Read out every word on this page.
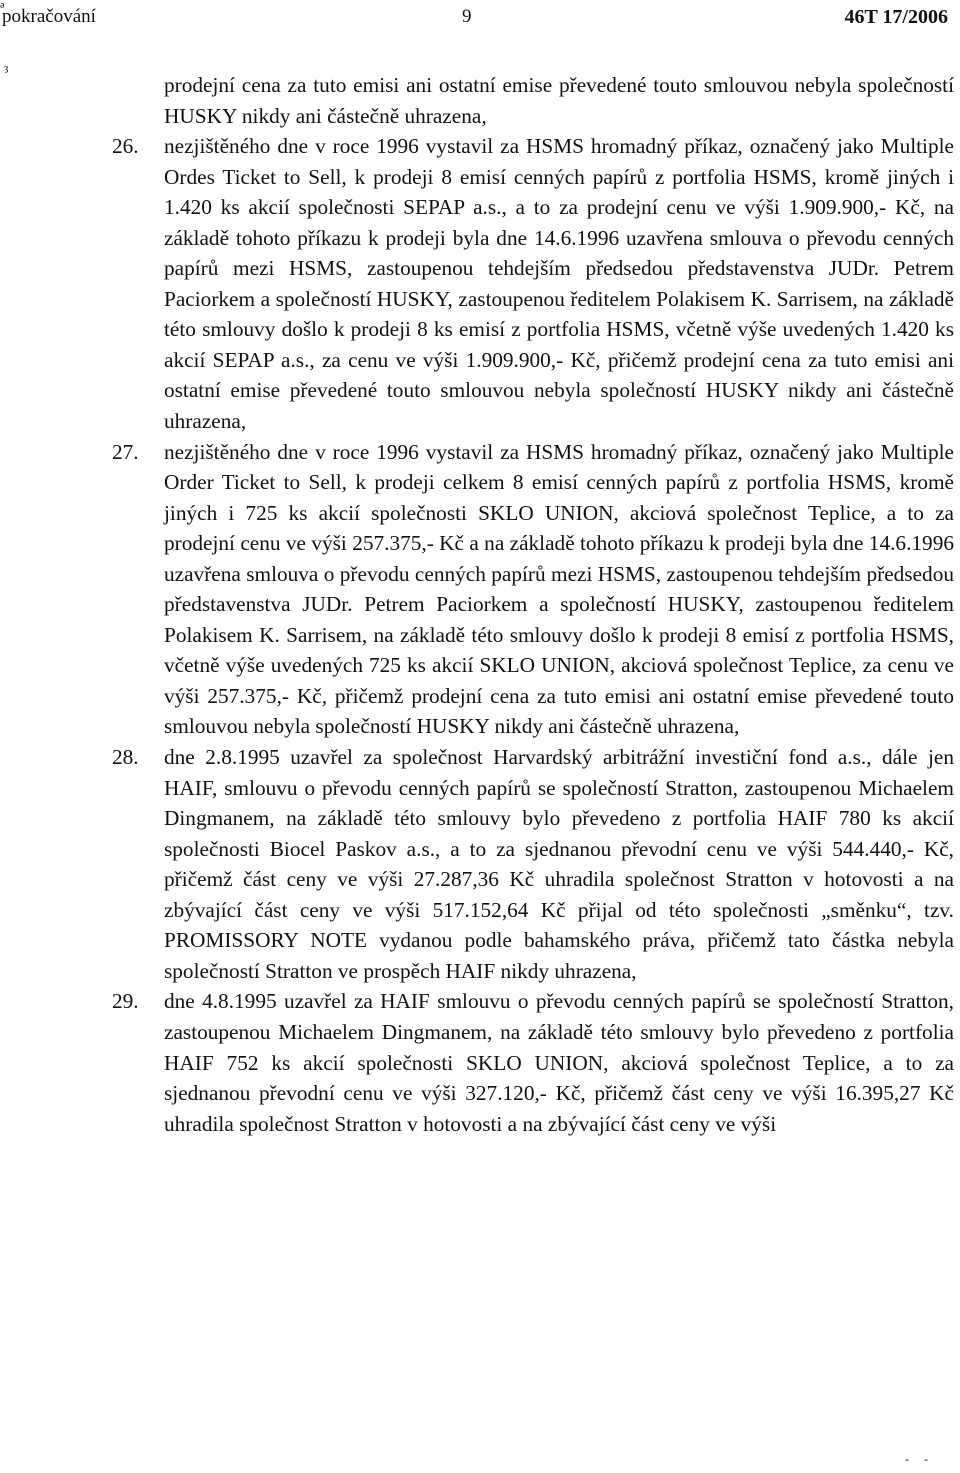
pokračování	9	46T 17/2006
ǝ
ȝ
- -
prodejní cena za tuto emisi ani ostatní emise převedené touto smlouvou nebyla společností HUSKY nikdy ani částečně uhrazena,
26.	nezjištěného dne v roce 1996 vystavil za HSMS hromadný příkaz, označený jako Multiple Ordes Ticket to Sell, k prodeji 8 emisí cenných papírů z portfolia HSMS, kromě jiných i 1.420 ks akcií společnosti SEPAP a.s., a to za prodejní cenu ve výši 1.909.900,- Kč, na základě tohoto příkazu k prodeji byla dne 14.6.1996 uzavřena smlouva o převodu cenných papírů mezi HSMS, zastoupenou tehdejším předsedou představenstva JUDr. Petrem Paciorkem a společností HUSKY, zastoupenou ředitelem Polakisem K. Sarrisem, na základě této smlouvy došlo k prodeji 8 ks emisí z portfolia HSMS, včetně výše uvedených 1.420 ks akcií SEPAP a.s., za cenu ve výši 1.909.900,- Kč, přičemž prodejní cena za tuto emisi ani ostatní emise převedené touto smlouvou nebyla společností HUSKY nikdy ani částečně uhrazena,
27.	nezjištěného dne v roce 1996 vystavil za HSMS hromadný příkaz, označený jako Multiple Order Ticket to Sell, k prodeji celkem 8 emisí cenných papírů z portfolia HSMS, kromě jiných i 725 ks akcií společnosti SKLO UNION, akciová společnost Teplice, a to za prodejní cenu ve výši 257.375,- Kč a na základě tohoto příkazu k prodeji byla dne 14.6.1996 uzavřena smlouva o převodu cenných papírů mezi HSMS, zastoupenou tehdejším předsedou představenstva JUDr. Petrem Paciorkem a společností HUSKY, zastoupenou ředitelem Polakisem K. Sarrisem, na základě této smlouvy došlo k prodeji 8 emisí z portfolia HSMS, včetně výše uvedených 725 ks akcií SKLO UNION, akciová společnost Teplice, za cenu ve výši 257.375,- Kč, přičemž prodejní cena za tuto emisi ani ostatní emise převedené touto smlouvou nebyla společností HUSKY nikdy ani částečně uhrazena,
28.	dne 2.8.1995 uzavřel za společnost Harvardský arbitrážní investiční fond a.s., dále jen HAIF, smlouvu o převodu cenných papírů se společností Stratton, zastoupenou Michaelem Dingmanem, na základě této smlouvy bylo převedeno z portfolia HAIF 780 ks akcií společnosti Biocel Paskov a.s., a to za sjednanou převodní cenu ve výši 544.440,- Kč, přičemž část ceny ve výši 27.287,36 Kč uhradila společnost Stratton v hotovosti a na zbývající část ceny ve výši 517.152,64 Kč přijal od této společnosti „směnku“, tzv. PROMISSORY NOTE vydanou podle bahamského práva, přičemž tato částka nebyla společností Stratton ve prospěch HAIF nikdy uhrazena,
29.	dne 4.8.1995 uzavřel za HAIF smlouvu o převodu cenných papírů se společností Stratton, zastoupenou Michaelem Dingmanem, na základě této smlouvy bylo převedeno z portfolia HAIF 752 ks akcií společnosti SKLO UNION, akciová společnost Teplice, a to za sjednanou převodní cenu ve výši 327.120,- Kč, přičemž část ceny ve výši 16.395,27 Kč uhradila společnost Stratton v hotovosti a na zbývající část ceny ve výši
